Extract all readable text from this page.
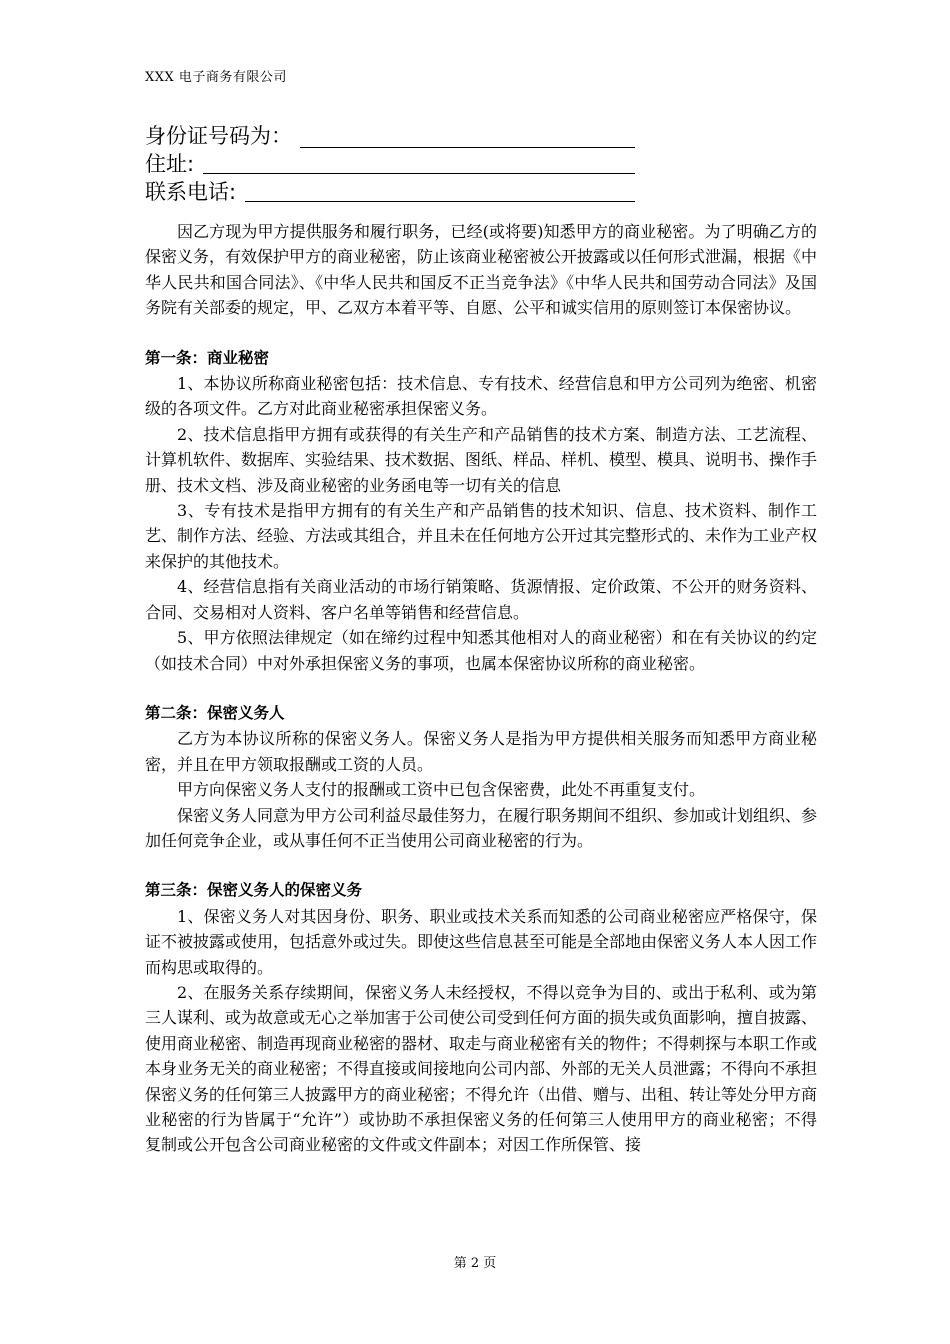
XXX 电子商务有限公司
身份证号码为：
住址:
联系电话:

因乙方现为甲方提供服务和履行职务，已经(或将要)知悉甲方的商业秘密。为了明确乙方的保密义务，有效保护甲方的商业秘密，防止该商业秘密被公开披露或以任何形式泄漏，根据《中华人民共和国合同法》、《中华人民共和国反不正当竞争法》《中华人民共和国劳动合同法》及国务院有关部委的规定，甲、乙双方本着平等、自愿、公平和诚实信用的原则签订本保密协议。

第一条：商业秘密

1、本协议所称商业秘密包括：技术信息、专有技术、经营信息和甲方公司列为绝密、机密级的各项文件。乙方对此商业秘密承担保密义务。

2、技术信息指甲方拥有或获得的有关生产和产品销售的技术方案、制造方法、工艺流程、计算机软件、数据库、实验结果、技术数据、图纸、样品、样机、模型、模具、说明书、操作手册、技术文档、涉及商业秘密的业务函电等一切有关的信息

3、专有技术是指甲方拥有的有关生产和产品销售的技术知识、信息、技术资料、制作工艺、制作方法、经验、方法或其组合，并且未在任何地方公开过其完整形式的、未作为工业产权来保护的其他技术。

4、经营信息指有关商业活动的市场行销策略、货源情报、定价政策、不公开的财务资料、合同、交易相对人资料、客户名单等销售和经营信息。

5、甲方依照法律规定（如在缔约过程中知悉其他相对人的商业秘密）和在有关协议的约定（如技术合同）中对外承担保密义务的事项，也属本保密协议所称的商业秘密。

第二条：保密义务人

乙方为本协议所称的保密义务人。保密义务人是指为甲方提供相关服务而知悉甲方商业秘密，并且在甲方领取报酬或工资的人员。

甲方向保密义务人支付的报酬或工资中已包含保密费，此处不再重复支付。

保密义务人同意为甲方公司利益尽最佳努力，在履行职务期间不组织、参加或计划组织、参加任何竞争企业，或从事任何不正当使用公司商业秘密的行为。

第三条：保密义务人的保密义务

1、保密义务人对其因身份、职务、职业或技术关系而知悉的公司商业秘密应严格保守，保证不被披露或使用，包括意外或过失。即使这些信息甚至可能是全部地由保密义务人本人因工作而构思或取得的。

2、在服务关系存续期间，保密义务人未经授权，不得以竞争为目的、或出于私利、或为第三人谋利、或为故意或无心之举加害于公司使公司受到任何方面的损失或负面影响，擅自披露、使用商业秘密、制造再现商业秘密的器材、取走与商业秘密有关的物件；不得刺探与本职工作或本身业务无关的商业秘密；不得直接或间接地向公司内部、外部的无关人员泄露；不得向不承担保密义务的任何第三人披露甲方的商业秘密；不得允许（出借、赠与、出租、转让等处分甲方商业秘密的行为皆属于“允许”）或协助不承担保密义务的任何第三人使用甲方的商业秘密；不得复制或公开包含公司商业秘密的文件或文件副本；对因工作所保管、接

第 2 页
